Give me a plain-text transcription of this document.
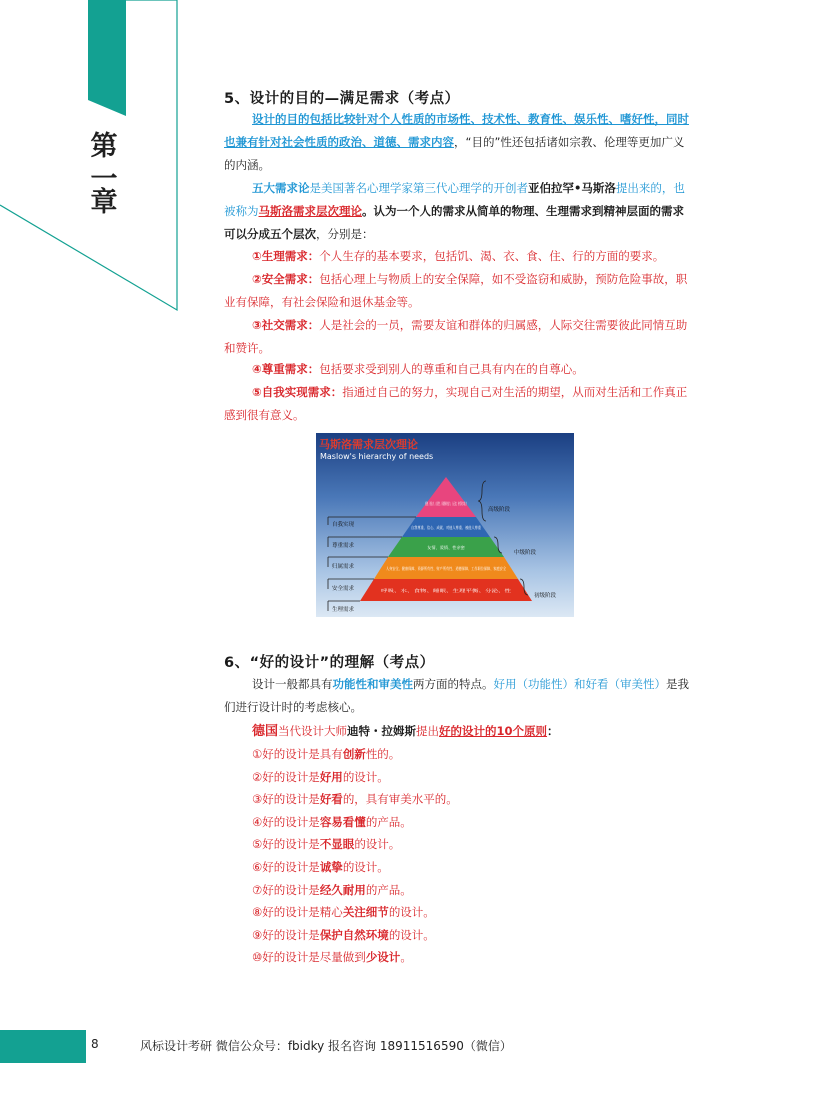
第
一
章
5、设计的目的—满足需求（考点）

设计的目的包括比较针对个人性质的市场性、技术性、教育性、娱乐性、嗜好性，同时也兼有针对社会性质的政治、道德、需求内容，“目的”性还包括诸如宗教、伦理等更加广义的内涵。

五大需求论是美国著名心理学家第三代心理学的开创者亚伯拉罕•马斯洛提出来的，也被称为马斯洛需求层次理论。认为一个人的需求从简单的物理、生理需求到精神层面的需求可以分成五个层次，分别是：

①生理需求：个人生存的基本要求，包括饥、渴、衣、食、住、行的方面的要求。
②安全需求：包括心理上与物质上的安全保障，如不受盗窃和威胁，预防危险事故，职业有保障，有社会保险和退休基金等。
③社交需求：人是社会的一员，需要友谊和群体的归属感，人际交往需要彼此同情互助和赞许。
④尊重需求：包括要求受到别人的尊重和自己具有内在的自尊心。
⑤自我实现需求：指通过自己的努力，实现自己对生活的期望，从而对生活和工作真正感到很有意义。
马斯洛需求层次理论
Maslow's hierarchy of needs
道德、创造力、自觉性、问题解决能力、公正度、接受现实能力
自我尊重、信心、成就、对他人尊重、被他人尊重
友情、爱情、性亲密
人身安全、健康保障、资源所有性、财产所有性、道德保障、工作职位保障、家庭安全
呼吸、水、食物、睡眠、生理平衡、分泌、性
自我实现
尊重需求
归属需求
安全需求
生理需求
高级阶段
中级阶段
初级阶段
6、“好的设计”的理解（考点）

设计一般都具有功能性和审美性两方面的特点。好用（功能性）和好看（审美性）是我们进行设计时的考虑核心。

德国当代设计大师迪特・拉姆斯提出好的设计的10个原则：

①好的设计是具有创新性的。
②好的设计是好用的设计。
③好的设计是好看的，具有审美水平的。
④好的设计是容易看懂的产品。
⑤好的设计是不显眼的设计。
⑥好的设计是诚挚的设计。
⑦好的设计是经久耐用的产品。
⑧好的设计是精心关注细节的设计。
⑨好的设计是保护自然环境的设计。
⑩好的设计是尽量做到少设计。
8	风标设计考研 微信公众号：fbidky 报名咨询 18911516590（微信）
